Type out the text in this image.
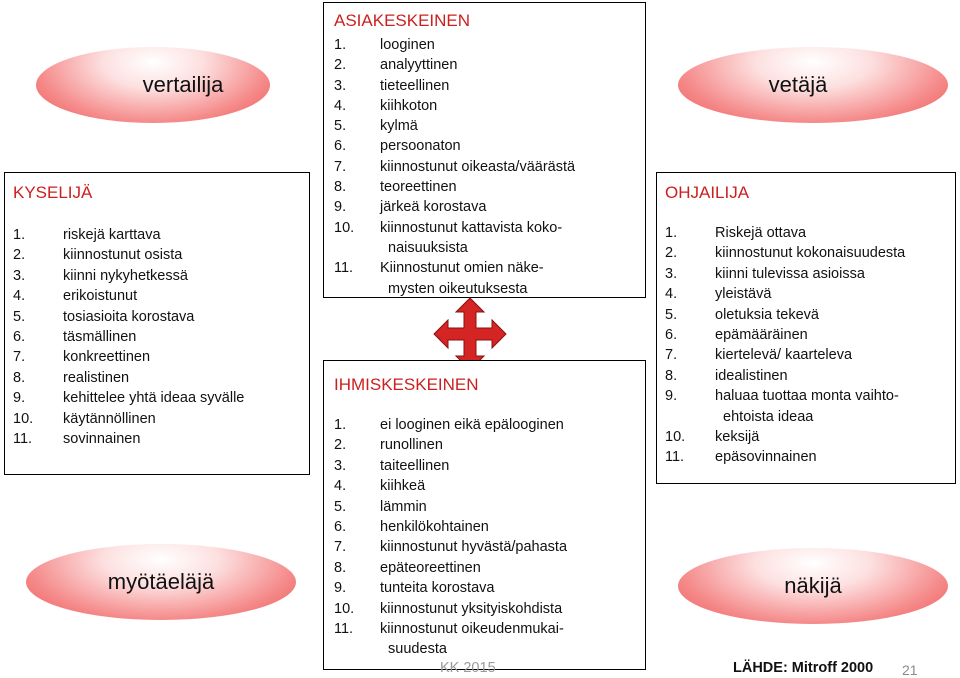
vertailija	vetäjä
myötäeläjä	näkijä
KYSELIJÄ
1.	riskejä karttava
2.	kiinnostunut osista
3.	kiinni nykyhetkessä
4.	erikoistunut
5.	tosiasioita korostava
6.	täsmällinen
7.	konkreettinen
8.	realistinen
9.	kehittelee yhtä ideaa syvälle
10.	käytännöllinen
11.	sovinnainen
ASIAKESKEINEN
1.	looginen
2.	analyyttinen
3.	tieteellinen
4.	kiihkoton
5.	kylmä
6.	persoonaton
7.	kiinnostunut oikeasta/väärästä
8.	teoreettinen
9.	järkeä korostava
10.	kiinnostunut kattavista koko-
naisuuksista
11.	Kiinnostunut omien näke-
mysten oikeutuksesta
IHMISKESKEINEN
1.	ei looginen eikä epälooginen
2.	runollinen
3.	taiteellinen
4.	kiihkeä
5.	lämmin
6.	henkilökohtainen
7.	kiinnostunut hyvästä/pahasta
8.	epäteoreettinen
9.	tunteita korostava
10.	kiinnostunut yksityiskohdista
11.	kiinnostunut oikeudenmukai-
suudesta
OHJAILIJA
1.	Riskejä ottava
2.	kiinnostunut kokonaisuudesta
3.	kiinni tulevissa asioissa
4.	yleistävä
5.	oletuksia tekevä
6.	epämääräinen
7.	kiertelevä/ kaarteleva
8.	idealistinen
9.	haluaa tuottaa monta vaihto-
ehtoista ideaa
10.	keksijä
11.	epäsovinnainen
KK 2015	LÄHDE: Mitroff 2000 21
